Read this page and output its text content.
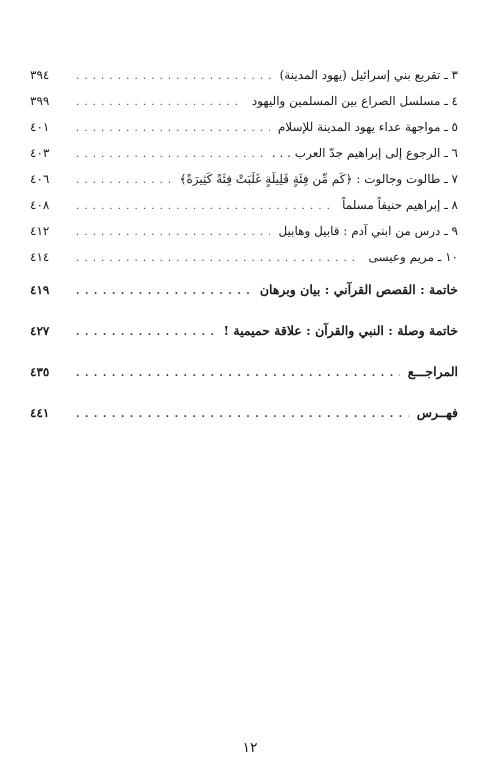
٣ ـ تقريع بني إسرائيل (يهود المدينة)
. . .
٣٩٤
٤ ـ مسلسل الصراع بين المسلمين واليهود
. . .
٣٩٩
٥ ـ مواجهة عداء يهود المدينة للإسلام
. . .
٤٠١
٦ ـ الرجوع إلى إبراهيم جدّ العرب . . .
. . .
٤٠٣
٧ ـ طالوت وجالوت : ﴿كَم مِّن فِئَةٍ قَلِيلَةٍ غَلَبَتْ فِئَةً كَثِيرَةً﴾
. . .
٤٠٦
٨ ـ إبراهيم حنيفاً مسلماً
. . .
٤٠٨
٩ ـ درس من ابني آدم : قابيل وهابيل
. . .
٤١٢
١٠ ـ مريم وعيسى
. . .
٤١٤
خاتمة : القصص القرآني : بيان وبرهان
. . .
٤١٩
خاتمة وصلة : النبي والقرآن : علاقة حميمية !
. . .
٤٢٧
المراجـــع
. . .
٤٣٥
فهــرس
. . .
٤٤١
١٢
